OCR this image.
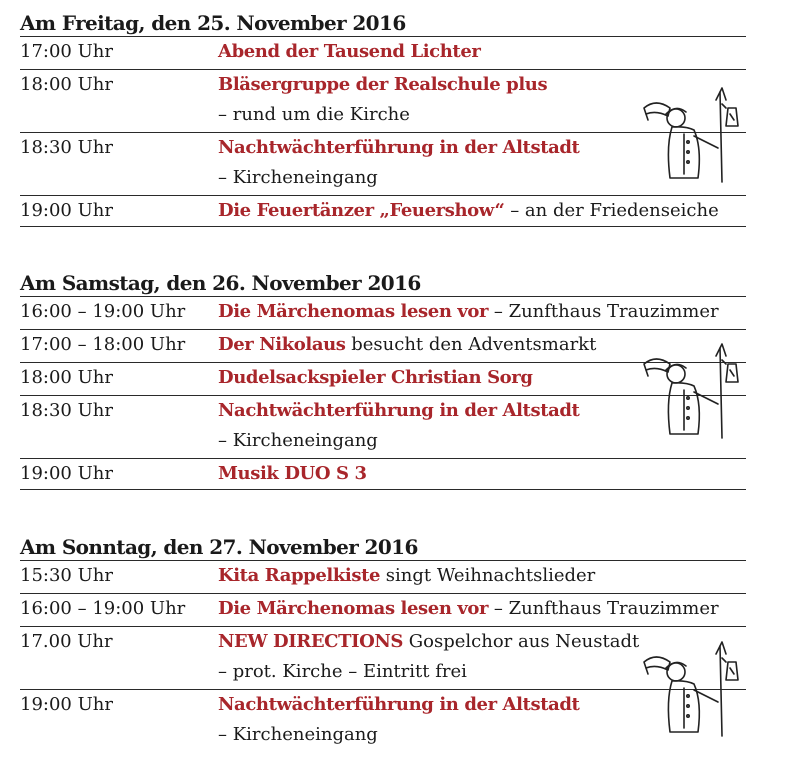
Am Freitag, den 25. November 2016
17:00 Uhr	Abend der Tausend Lichter
18:00 Uhr	Bläsergruppe der Realschule plus
– rund um die Kirche
18:30 Uhr	Nachtwächterführung in der Altstadt
– Kircheneingang
19:00 Uhr	Die Feuertänzer „Feuershow“ – an der Friedenseiche
Am Samstag, den 26. November 2016
16:00 – 19:00 Uhr Die Märchenomas lesen vor – Zunfthaus Trauzimmer
17:00 – 18:00 Uhr Der Nikolaus besucht den Adventsmarkt
18:00 Uhr	Dudelsackspieler Christian Sorg
18:30 Uhr	Nachtwächterführung in der Altstadt
– Kircheneingang
19:00 Uhr	Musik DUO S 3
Am Sonntag, den 27. November 2016
15:30 Uhr	Kita Rappelkiste singt Weihnachtslieder
16:00 – 19:00 Uhr Die Märchenomas lesen vor – Zunfthaus Trauzimmer
17.00 Uhr	NEW DIRECTIONS Gospelchor aus Neustadt
– prot. Kirche – Eintritt frei
19:00 Uhr	Nachtwächterführung in der Altstadt
– Kircheneingang
